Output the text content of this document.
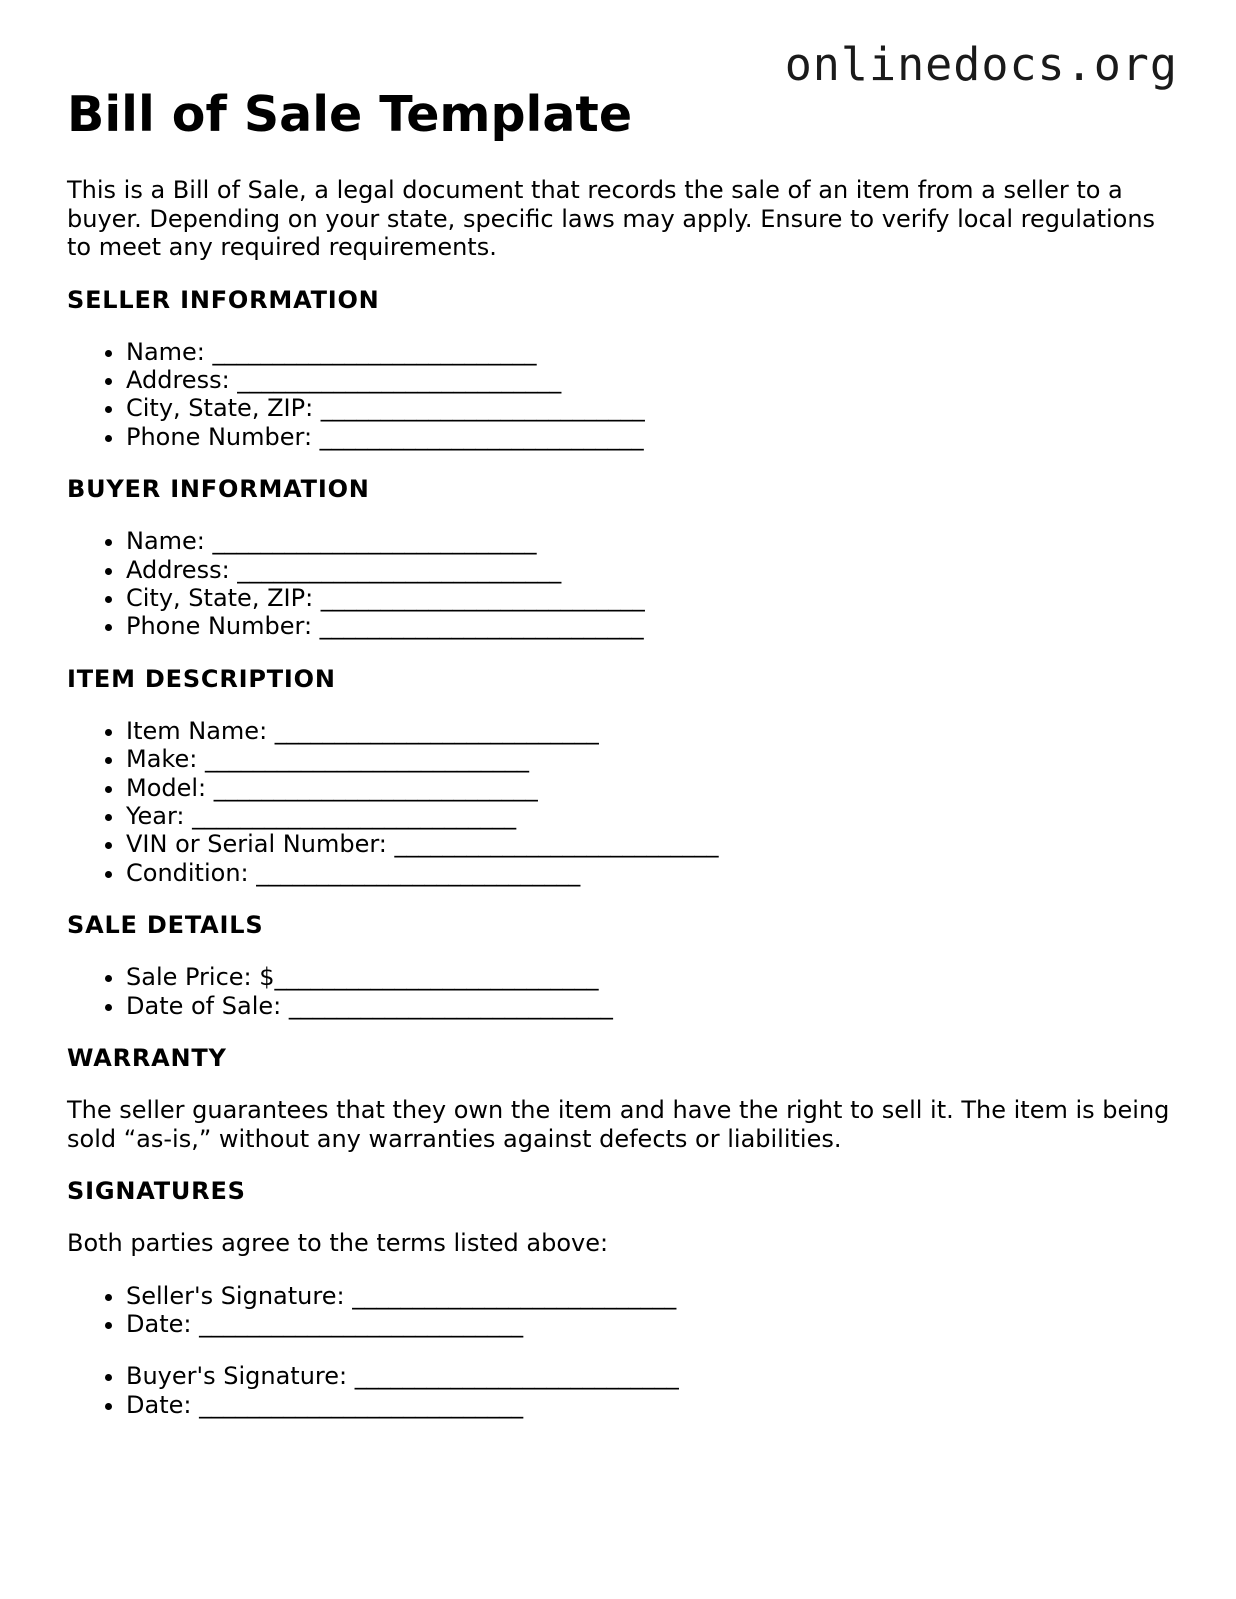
onlinedocs.org
Bill of Sale Template

This is a Bill of Sale, a legal document that records the sale of an item from a seller to a buyer. Depending on your state, specific laws may apply. Ensure to verify local regulations to meet any required requirements.

SELLER INFORMATION
• Name: ___________________________
• Address: ___________________________
• City, State, ZIP: ___________________________
• Phone Number: ___________________________
BUYER INFORMATION
• Name: ___________________________
• Address: ___________________________
• City, State, ZIP: ___________________________
• Phone Number: ___________________________
ITEM DESCRIPTION
• Item Name: ___________________________
• Make: ___________________________
• Model: ___________________________
• Year: ___________________________
• VIN or Serial Number: ___________________________
• Condition: ___________________________
SALE DETAILS
• Sale Price: $___________________________
• Date of Sale: ___________________________
WARRANTY

The seller guarantees that they own the item and have the right to sell it. The item is being sold “as-is,” without any warranties against defects or liabilities.

SIGNATURES

Both parties agree to the terms listed above:

• Seller's Signature: ___________________________
• Date: ___________________________
• Buyer's Signature: ___________________________
• Date: ___________________________
